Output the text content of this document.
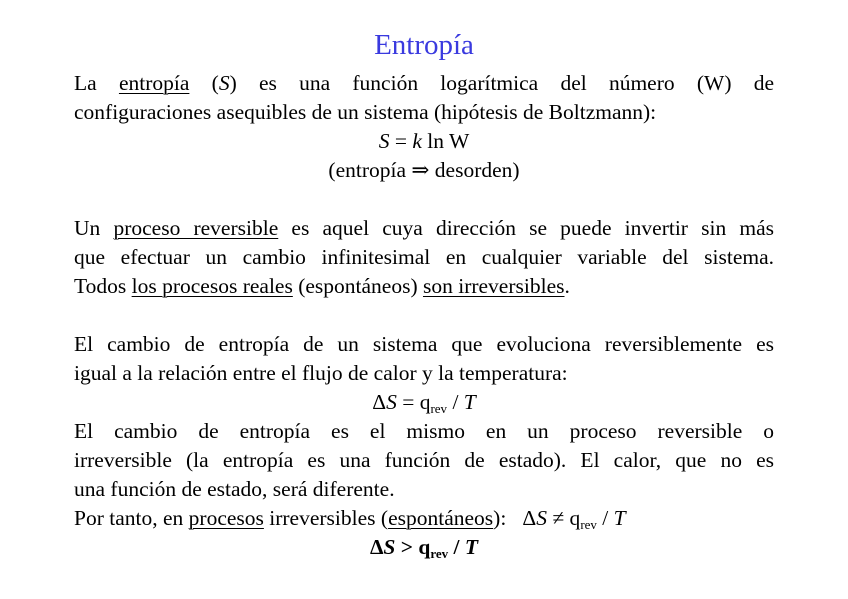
Entropía
La entropía (S) es una función logarítmica del número (W) de
configuraciones asequibles de un sistema (hipótesis de Boltzmann):
S = k ln W
(entropía ⇒ desorden)
Un proceso reversible es aquel cuya dirección se puede invertir sin más
que efectuar un cambio infinitesimal en cualquier variable del sistema.
Todos los procesos reales (espontáneos) son irreversibles.
El cambio de entropía de un sistema que evoluciona reversiblemente es
igual a la relación entre el flujo de calor y la temperatura:
$\Delta S = q_{rev} / T$
El cambio de entropía es el mismo en un proceso reversible o
irreversible (la entropía es una función de estado). El calor, que no es
una función de estado, será diferente.
Por tanto, en procesos irreversibles (espontáneos):   $\Delta S \ne q_{rev} / T$
$\Delta S > q_{rev} / T$
